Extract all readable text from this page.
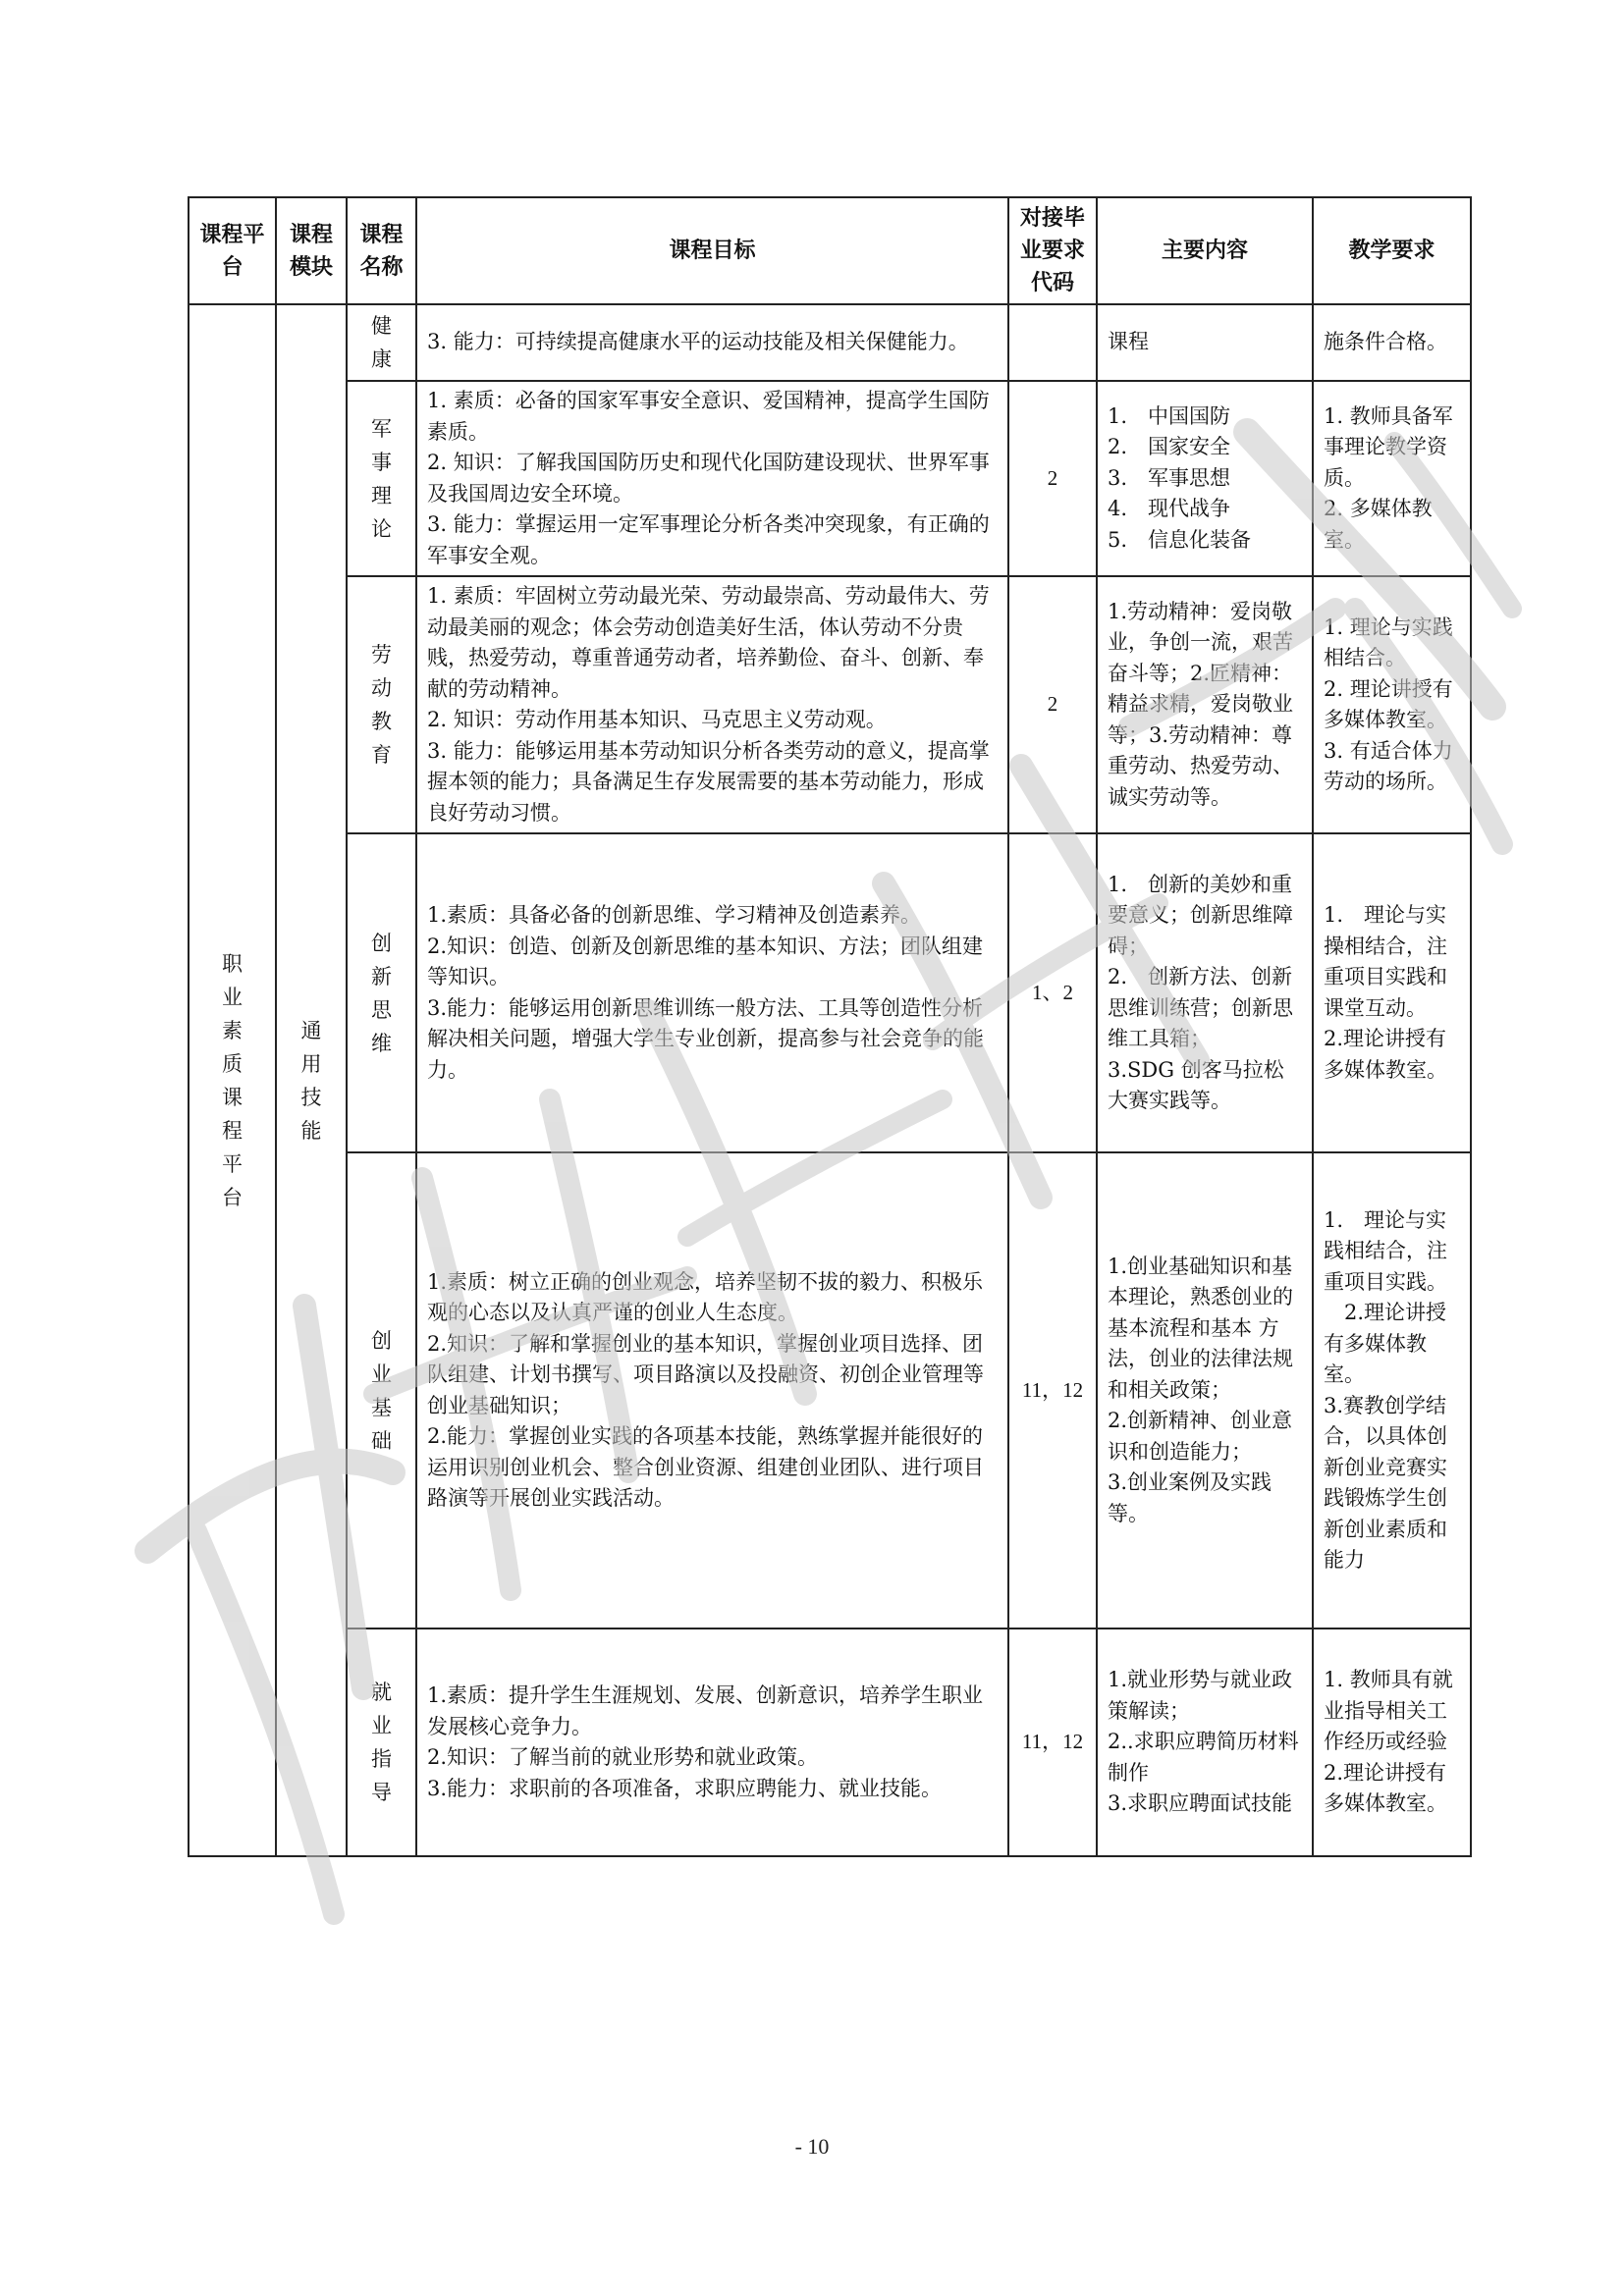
课程平台	课程模块	课程名称	课程目标	对接毕业要求代码	主要内容	教学要求
职业素质课程平台	通用技能	健康	3. 能力：可持续提高健康水平的运动技能及相关保健能力。		课程	施条件合格。

		军事理论	1. 素质：必备的国家军事安全意识、爱国精神，提高学生国防素质。
2. 知识：了解我国国防历史和现代化国防建设现状、世界军事及我国周边安全环境。
3. 能力：掌握运用一定军事理论分析各类冲突现象，有正确的军事安全观。	2	1.　中国国防
2.　国家安全
3.　军事思想
4.　现代战争
5.　信息化装备	1. 教师具备军事理论教学资质。
2. 多媒体教室。

		劳动教育	1. 素质：牢固树立劳动最光荣、劳动最崇高、劳动最伟大、劳动最美丽的观念；体会劳动创造美好生活，体认劳动不分贵贱，热爱劳动，尊重普通劳动者，培养勤俭、奋斗、创新、奉献的劳动精神。
2. 知识：劳动作用基本知识、马克思主义劳动观。
3. 能力：能够运用基本劳动知识分析各类劳动的意义，提高掌握本领的能力；具备满足生存发展需要的基本劳动能力，形成良好劳动习惯。	2	1.劳动精神：爱岗敬业，争创一流，艰苦奋斗等；2.匠精神：精益求精，爱岗敬业等；3.劳动精神：尊重劳动、热爱劳动、诚实劳动等。	1. 理论与实践相结合。
2. 理论讲授有多媒体教室。
3. 有适合体力劳动的场所。

		创新思维	1.素质：具备必备的创新思维、学习精神及创造素养。
2.知识：创造、创新及创新思维的基本知识、方法；团队组建等知识。
3.能力：能够运用创新思维训练一般方法、工具等创造性分析解决相关问题，增强大学生专业创新，提高参与社会竞争的能力。	1、2	1.　创新的美妙和重要意义；创新思维障碍；
2.　创新方法、创新思维训练营；创新思维工具箱；
3.SDG 创客马拉松大赛实践等。	1.　理论与实操相结合，注重项目实践和课堂互动。
2.理论讲授有多媒体教室。

		创业基础	1.素质：树立正确的创业观念，培养坚韧不拔的毅力、积极乐观的心态以及认真严谨的创业人生态度。
2.知识：了解和掌握创业的基本知识，掌握创业项目选择、团队组建、计划书撰写、项目路演以及投融资、初创企业管理等创业基础知识；
2.能力：掌握创业实践的各项基本技能，熟练掌握并能很好的运用识别创业机会、整合创业资源、组建创业团队、进行项目路演等开展创业实践活动。	11，12	1.创业基础知识和基本理论，熟悉创业的基本流程和基本 方法，创业的法律法规和相关政策；
2.创新精神、创业意识和创造能力；
3.创业案例及实践等。	1.　理论与实践相结合，注重项目实践。
　2.理论讲授有多媒体教室。
3.赛教创学结合，以具体创新创业竞赛实践锻炼学生创新创业素质和能力

		就业指导	1.素质：提升学生生涯规划、发展、创新意识，培养学生职业发展核心竞争力。
2.知识：了解当前的就业形势和就业政策。
3.能力：求职前的各项准备，求职应聘能力、就业技能。	11，12	1.就业形势与就业政策解读；
2..求职应聘简历材料制作
3.求职应聘面试技能	1. 教师具有就业指导相关工作经历或经验
2.理论讲授有多媒体教室。
- 10
